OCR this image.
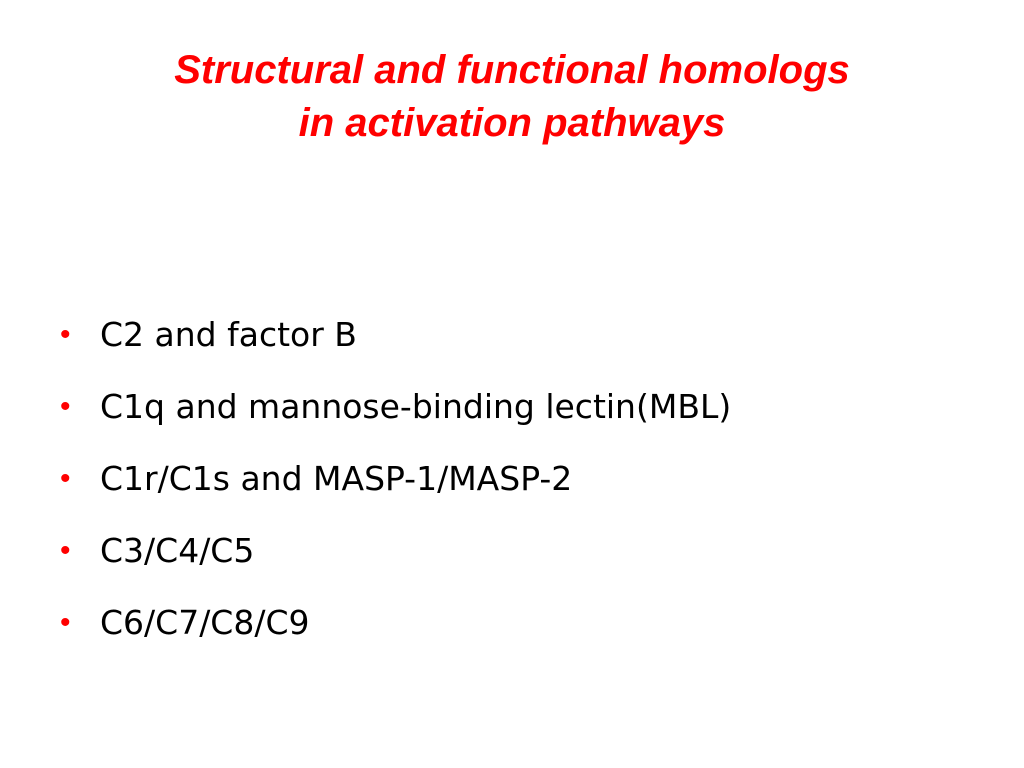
Structural and functional homologs
in activation pathways
• C2 and factor B
• C1q and mannose-binding lectin(MBL)
• C1r/C1s and MASP-1/MASP-2
• C3/C4/C5
• C6/C7/C8/C9
